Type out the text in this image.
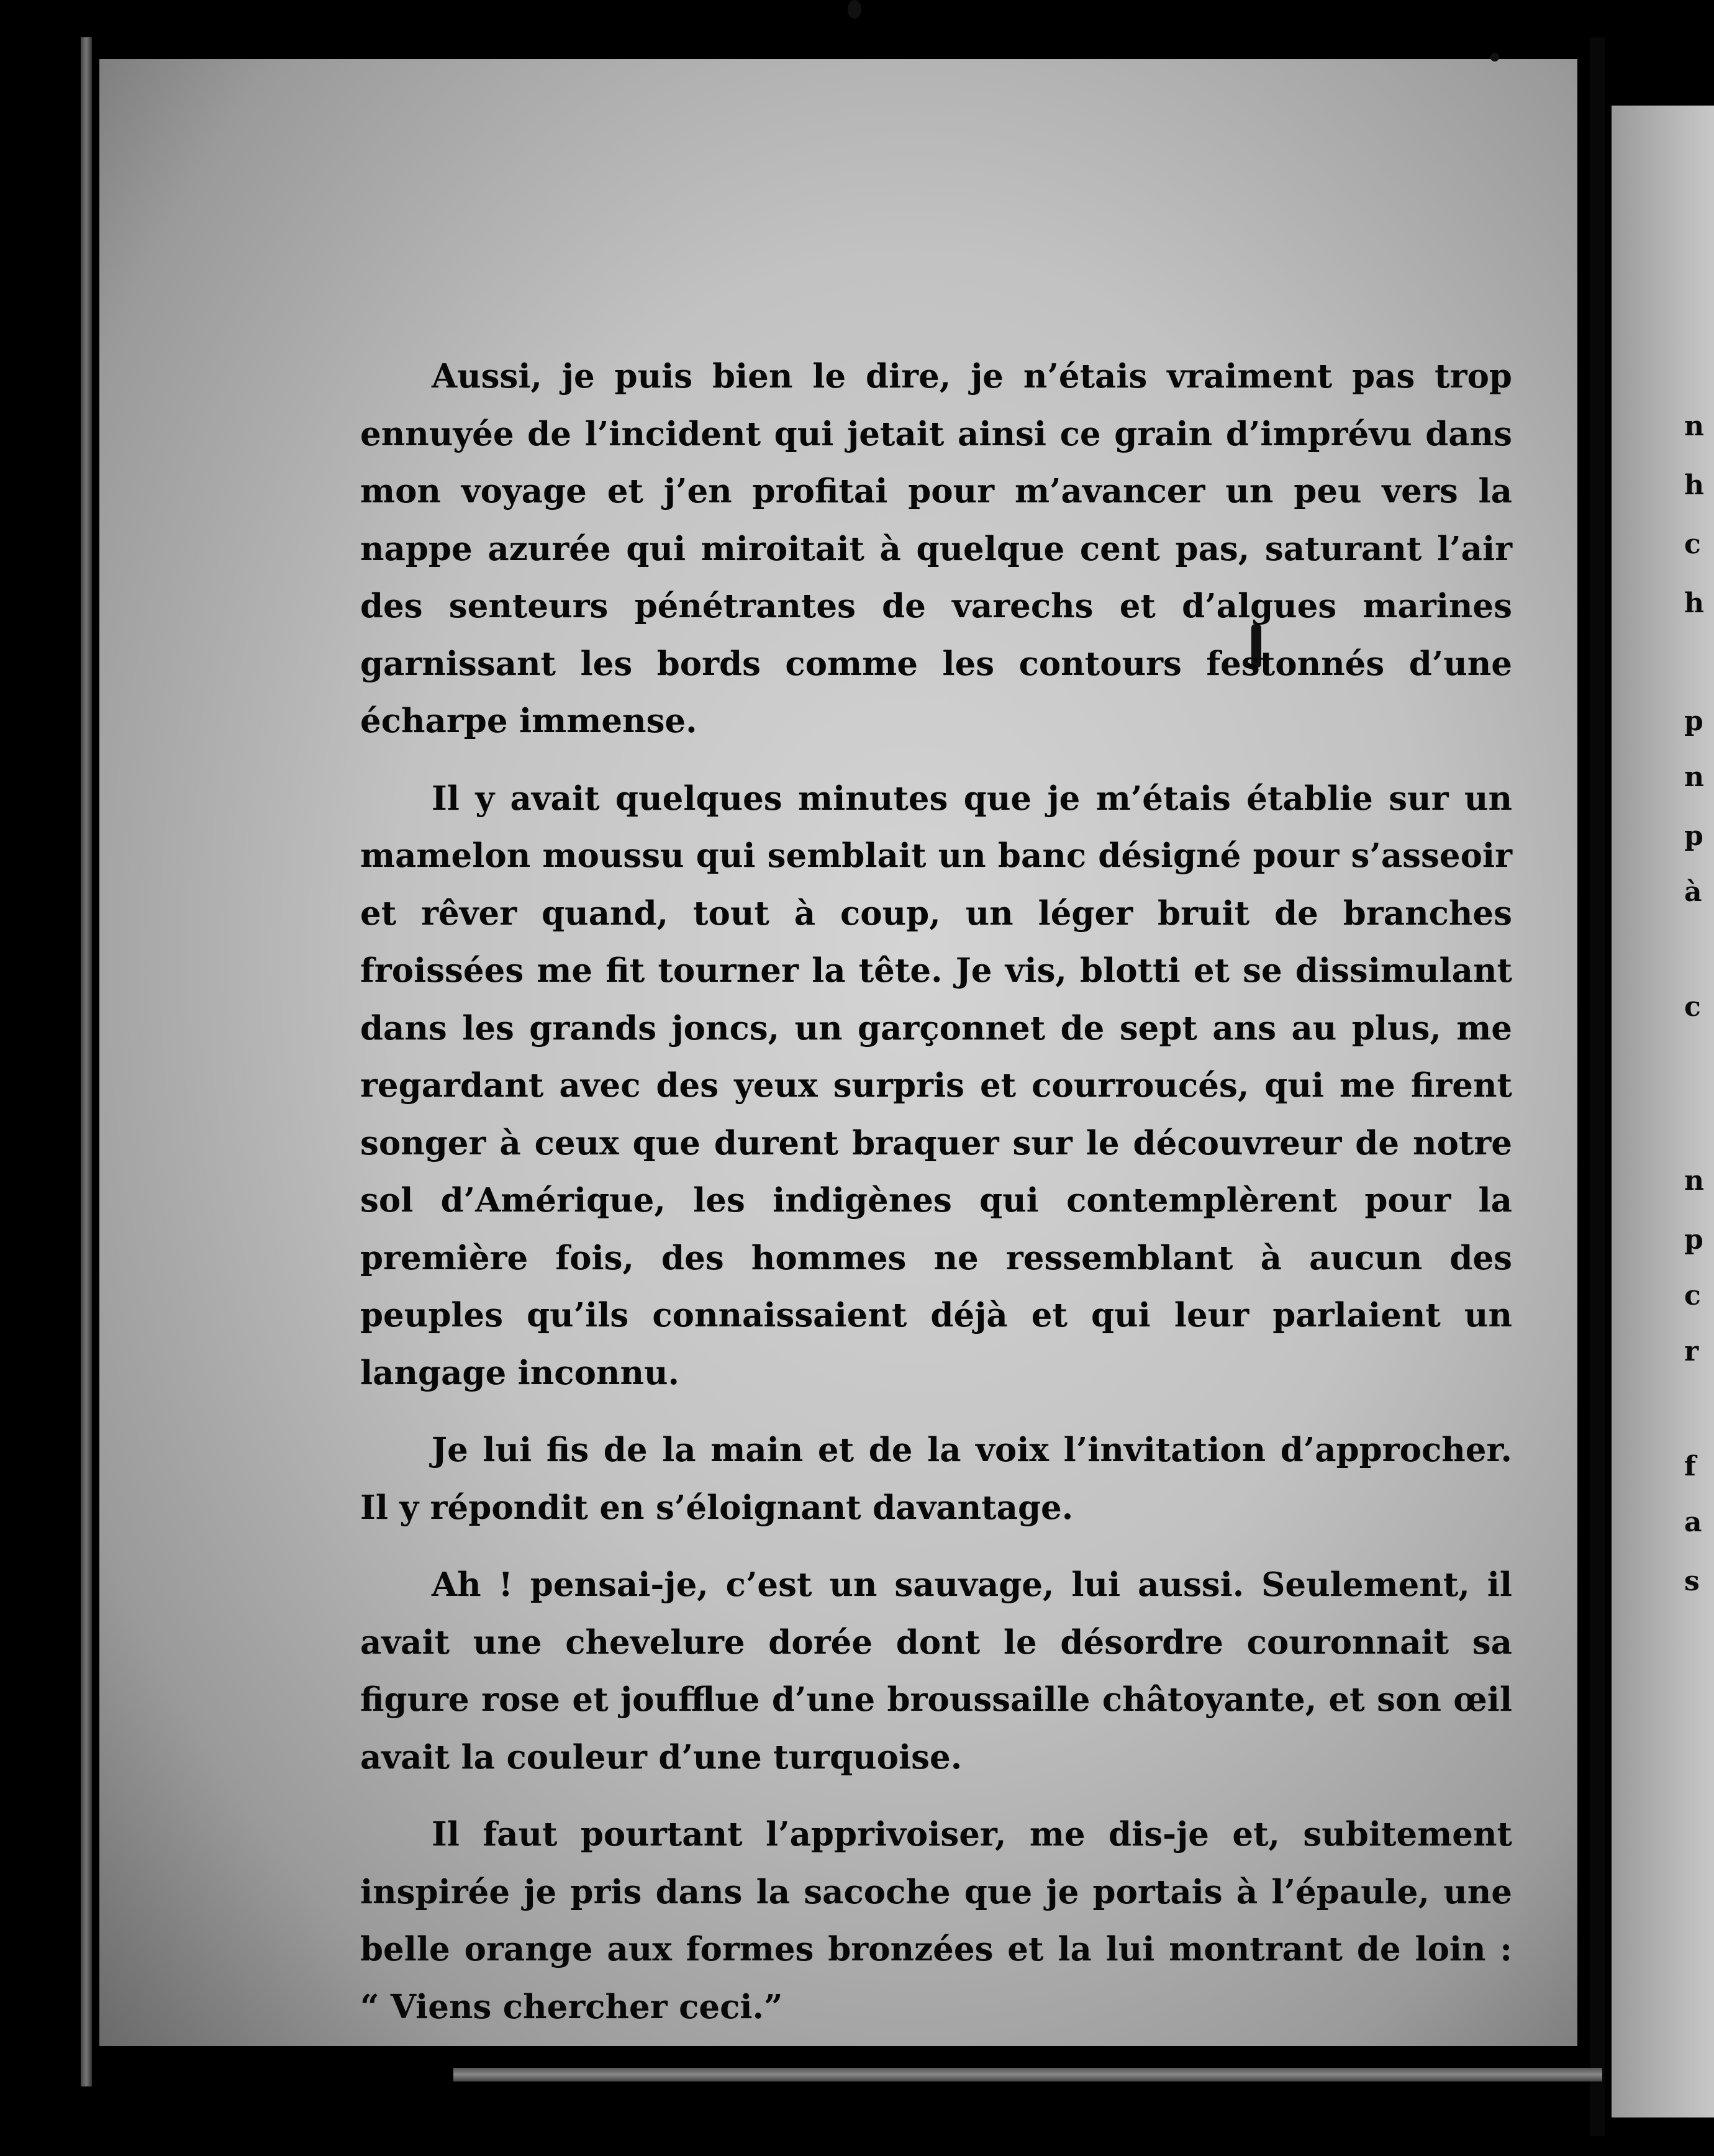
n
h
c
h
p
n
p
à
c
n
p
c
r
f
a
s

Aussi, je puis bien le dire, je n’étais vraiment pas trop ennuyée de l’incident qui jetait ainsi ce grain d’imprévu dans mon voyage et j’en profitai pour m’avancer un peu vers la nappe azurée qui miroitait à quelque cent pas, saturant l’air des senteurs pénétrantes de varechs et d’algues marines garnissant les bords comme les contours festonnés d’une écharpe immense.

Il y avait quelques minutes que je m’étais établie sur un mamelon moussu qui semblait un banc désigné pour s’asseoir et rêver quand, tout à coup, un léger bruit de branches froissées me fit tourner la tête. Je vis, blotti et se dissimulant dans les grands joncs, un garçonnet de sept ans au plus, me regardant avec des yeux surpris et courroucés, qui me firent songer à ceux que durent braquer sur le découvreur de notre sol d’Amérique, les indigènes qui contemplèrent pour la première fois, des hommes ne ressemblant à aucun des peuples qu’ils connaissaient déjà et qui leur parlaient un langage inconnu.

Je lui fis de la main et de la voix l’invitation d’approcher. Il y répondit en s’éloignant davantage.

Ah ! pensai-je, c’est un sauvage, lui aussi. Seulement, il avait une chevelure dorée dont le désordre couronnait sa figure rose et joufflue d’une broussaille châtoyante, et son œil avait la couleur d’une turquoise.

Il faut pourtant l’apprivoiser, me dis-je et, subitement inspirée je pris dans la sacoche que je portais à l’épaule, une belle orange aux formes bronzées et la lui montrant de loin : “ Viens chercher ceci.”
